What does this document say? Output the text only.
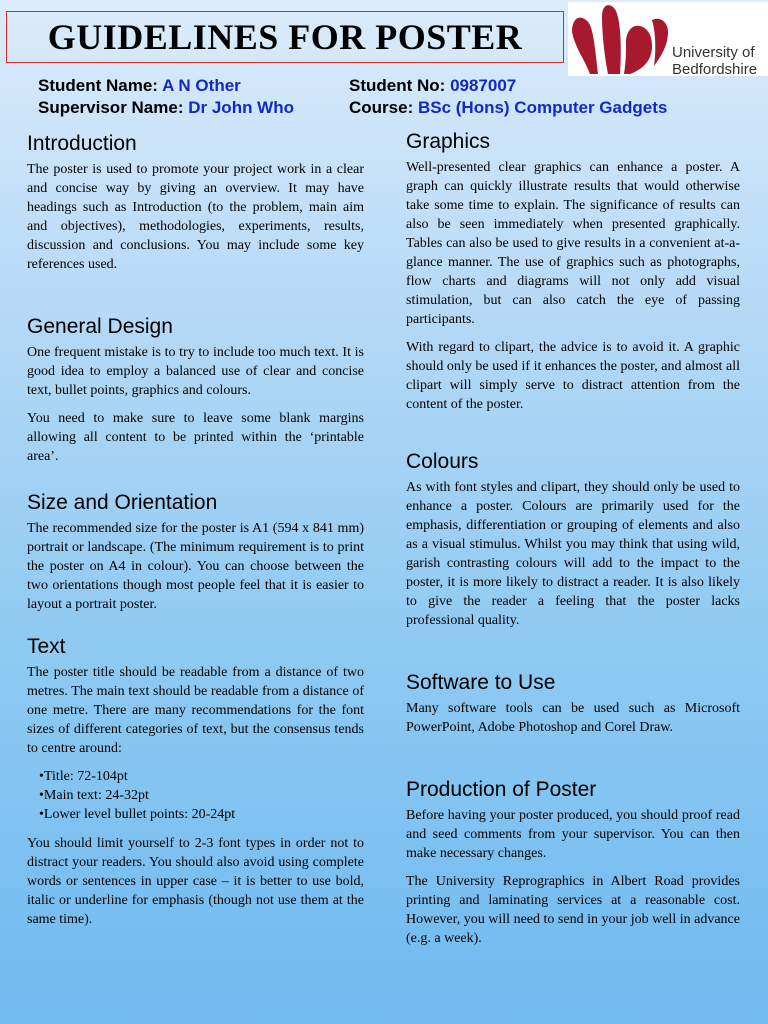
GUIDELINES FOR POSTER	University of
Bedfordshire
Student Name: A N Other
Supervisor Name: Dr John Who
Student No: 0987007
Course: BSc (Hons) Computer Gadgets
Introduction

The poster is used to promote your project work in a clear and concise way by giving an overview. It may have headings such as Introduction (to the problem, main aim and objectives), methodologies, experiments, results, discussion and conclusions. You may include some key references used.

General Design

One frequent mistake is to try to include too much text. It is good idea to employ a balanced use of clear and concise text, bullet points, graphics and colours.

You need to make sure to leave some blank margins allowing all content to be printed within the ‘printable area’.

Size and Orientation

The recommended size for the poster is A1 (594 x 841 mm) portrait or landscape. (The minimum requirement is to print the poster on A4 in colour). You can choose between the two orientations though most people feel that it is easier to layout a portrait poster.

Text

The poster title should be readable from a distance of two metres. The main text should be readable from a distance of one metre. There are many recommendations for the font sizes of different categories of text, but the consensus tends to centre around:

•Title: 72-104pt
•Main text: 24-32pt
•Lower level bullet points: 20-24pt

You should limit yourself to 2-3 font types in order not to distract your readers. You should also avoid using complete words or sentences in upper case – it is better to use bold, italic or underline for emphasis (though not use them at the same time).

Graphics

Well-presented clear graphics can enhance a poster. A graph can quickly illustrate results that would otherwise take some time to explain. The significance of results can also be seen immediately when presented graphically. Tables can also be used to give results in a convenient at-a-glance manner. The use of graphics such as photographs, flow charts and diagrams will not only add visual stimulation, but can also catch the eye of passing participants.

With regard to clipart, the advice is to avoid it. A graphic should only be used if it enhances the poster, and almost all clipart will simply serve to distract attention from the content of the poster.

Colours

As with font styles and clipart, they should only be used to enhance a poster. Colours are primarily used for the emphasis, differentiation or grouping of elements and also as a visual stimulus. Whilst you may think that using wild, garish contrasting colours will add to the impact to the poster, it is more likely to distract a reader. It is also likely to give the reader a feeling that the poster lacks professional quality.

Software to Use

Many software tools can be used such as Microsoft PowerPoint, Adobe Photoshop and Corel Draw.

Production of Poster

Before having your poster produced, you should proof read and seed comments from your supervisor. You can then make necessary changes.

The University Reprographics in Albert Road provides printing and laminating services at a reasonable cost. However, you will need to send in your job well in advance (e.g. a week).
